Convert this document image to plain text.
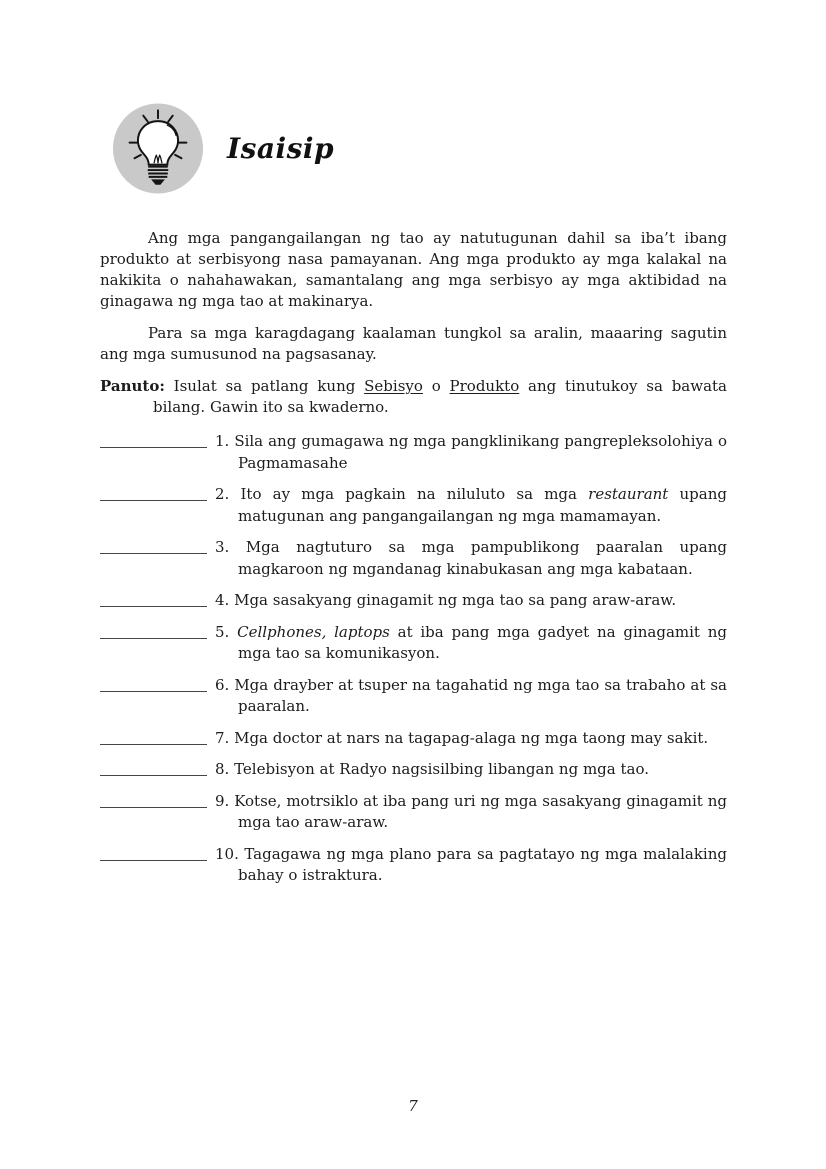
Isaisip

Ang mga pangangailangan ng tao ay natutugunan dahil sa iba’t ibang produkto at serbisyong nasa pamayanan. Ang mga produkto ay mga kalakal na nakikita o nahahawakan, samantalang ang mga serbisyo ay mga aktibidad na ginagawa ng mga tao at makinarya.

Para sa mga karagdagang kaalaman tungkol sa aralin, maaaring sagutin ang mga sumusunod na pagsasanay.

Panuto: Isulat sa patlang kung Sebisyo o Produkto ang tinutukoy sa bawata bilang. Gawin ito sa kwaderno.

1. Sila ang gumagawa ng mga pangklinikang pangrepleksolohiya o Pagmamasahe
2. Ito ay mga pagkain na niluluto sa mga restaurant upang matugunan ang pangangailangan ng mga mamamayan.
3. Mga nagtuturo sa mga pampublikong paaralan upang magkaroon ng mgandanag kinabukasan ang mga kabataan.
4. Mga sasakyang ginagamit ng mga tao sa pang araw-araw.
5. Cellphones, laptops at iba pang mga gadyet na ginagamit ng mga tao sa komunikasyon.
6. Mga drayber at tsuper na tagahatid ng mga tao sa trabaho at sa paaralan.
7. Mga doctor at nars na tagapag-alaga ng mga taong may sakit.
8. Telebisyon at Radyo nagsisilbing libangan ng mga tao.
9. Kotse, motrsiklo at iba pang uri ng mga sasakyang ginagamit ng mga tao araw-araw.
10. Tagagawa ng mga plano para sa pagtatayo ng mga malalaking bahay o istraktura.
7
